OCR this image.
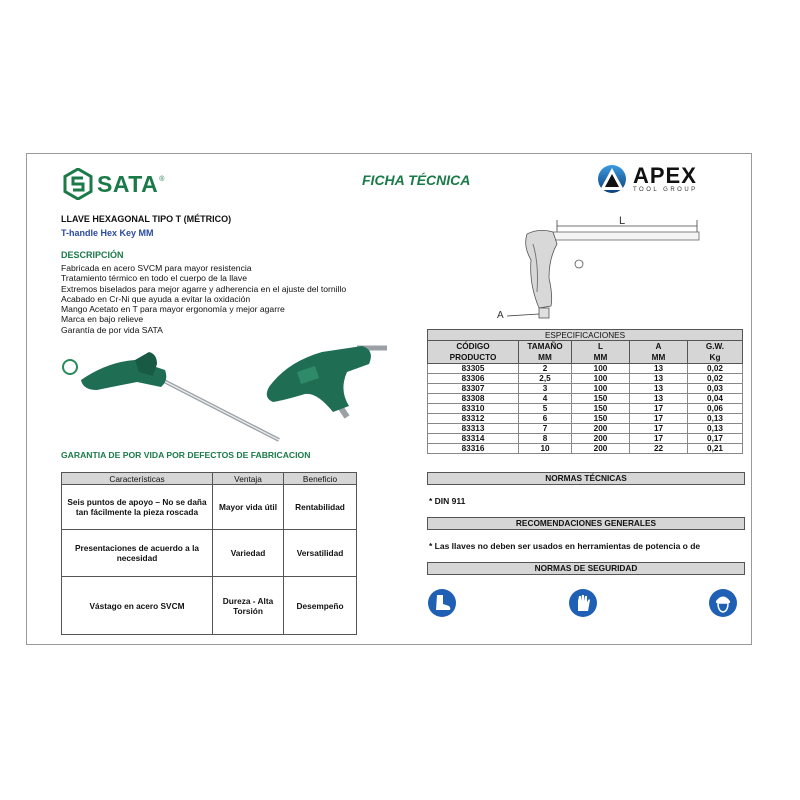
SATA ®	FICHA TÉCNICA	APEX
TOOL GROUP
LLAVE HEXAGONAL TIPO T (MÉTRICO)
T-handle Hex Key MM
DESCRIPCIÓN
Fabricada en acero SVCM para mayor resistencia
Tratamiento térmico en todo el cuerpo de la llave
Extremos biselados para mejor agarre y adherencia en el ajuste del tornillo
Acabado en Cr-Ni que ayuda a evitar la oxidación
Mango Acetato en T para mayor ergonomía y mejor agarre
Marca en bajo relieve
Garantía de por vida SATA
GARANTIA DE POR VIDA POR DEFECTOS DE FABRICACION
Características	Ventaja	Beneficio
Seis puntos de apoyo – No se daña tan fácilmente la pieza roscada	Mayor vida útil	Rentabilidad
Presentaciones de acuerdo a la necesidad	Variedad	Versatilidad
Vástago en acero SVCM	Dureza - Alta Torsión	Desempeño
L
A
ESPECIFICACIONES				
CÓDIGO	TAMAÑO	L	A	G.W.
PRODUCTO	MM	MM	MM	Kg
83305	2	100	13	0,02
83306	2,5	100	13	0,02
83307	3	100	13	0,03
83308	4	150	13	0,04
83310	5	150	17	0,06
83312	6	150	17	0,13
83313	7	200	17	0,13
83314	8	200	17	0,17
83316	10	200	22	0,21
NORMAS TÉCNICAS
* DIN 911
RECOMENDACIONES GENERALES
* Las llaves no deben ser usados en herramientas de potencia o de
NORMAS DE SEGURIDAD
